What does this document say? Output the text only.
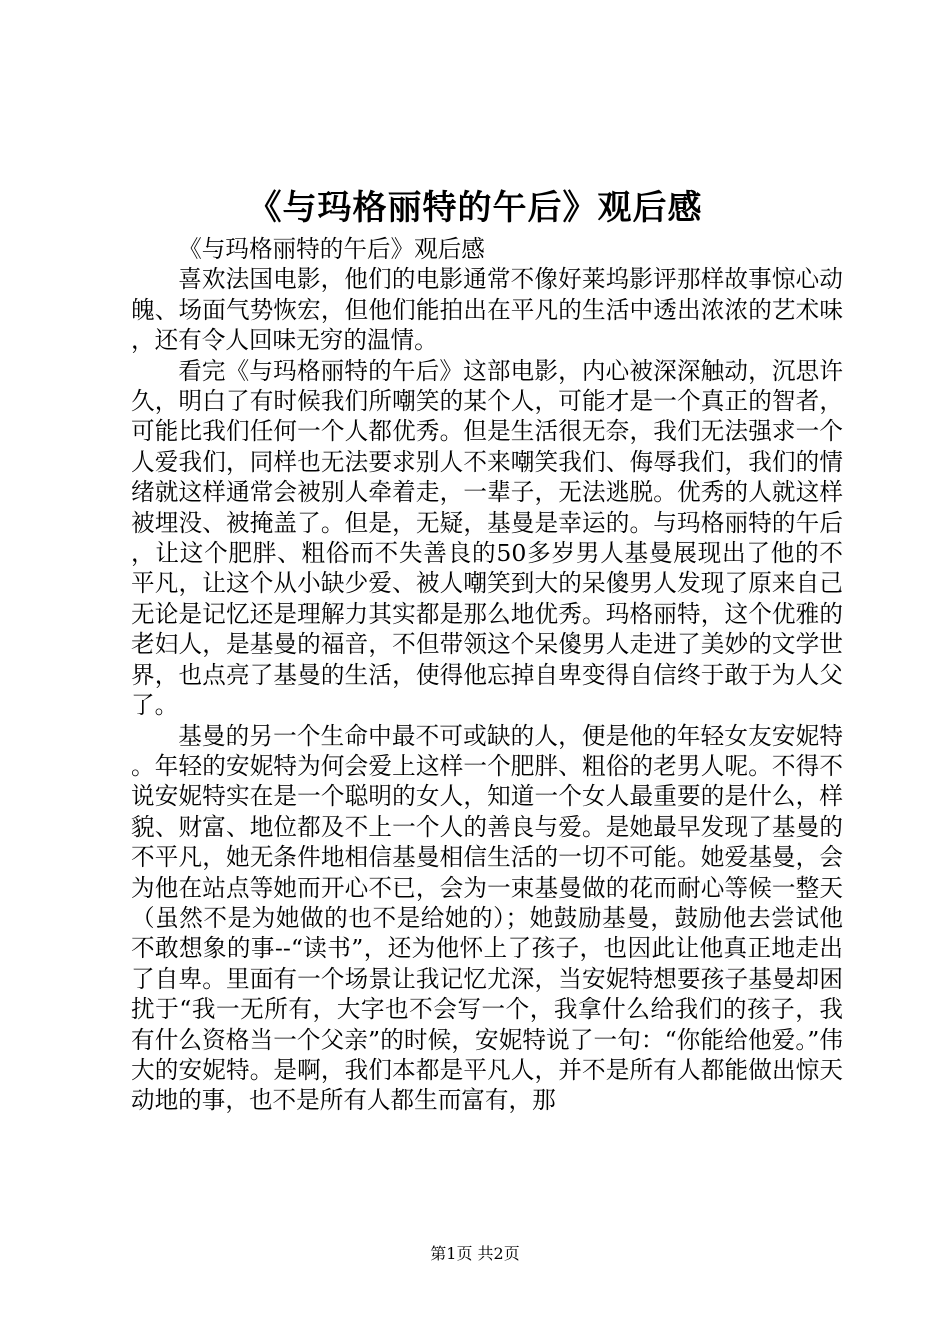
《与玛格丽特的午后》观后感

《与玛格丽特的午后》观后感

喜欢法国电影，他们的电影通常不像好莱坞影评那样故事惊心动魄、场面气势恢宏，但他们能拍出在平凡的生活中透出浓浓的艺术味，还有令人回味无穷的温情。

看完《与玛格丽特的午后》这部电影，内心被深深触动，沉思许久，明白了有时候我们所嘲笑的某个人，可能才是一个真正的智者，可能比我们任何一个人都优秀。但是生活很无奈，我们无法强求一个人爱我们，同样也无法要求别人不来嘲笑我们、侮辱我们，我们的情绪就这样通常会被别人牵着走，一辈子，无法逃脱。优秀的人就这样被埋没、被掩盖了。但是，无疑，基曼是幸运的。与玛格丽特的午后，让这个肥胖、粗俗而不失善良的50多岁男人基曼展现出了他的不平凡，让这个从小缺少爱、被人嘲笑到大的呆傻男人发现了原来自己无论是记忆还是理解力其实都是那么地优秀。玛格丽特，这个优雅的老妇人，是基曼的福音，不但带领这个呆傻男人走进了美妙的文学世界，也点亮了基曼的生活，使得他忘掉自卑变得自信终于敢于为人父了。

基曼的另一个生命中最不可或缺的人，便是他的年轻女友安妮特。年轻的安妮特为何会爱上这样一个肥胖、粗俗的老男人呢。不得不说安妮特实在是一个聪明的女人，知道一个女人最重要的是什么，样貌、财富、地位都及不上一个人的善良与爱。是她最早发现了基曼的不平凡，她无条件地相信基曼相信生活的一切不可能。她爱基曼，会为他在站点等她而开心不已，会为一束基曼做的花而耐心等候一整天（虽然不是为她做的也不是给她的）；她鼓励基曼，鼓励他去尝试他不敢想象的事--“读书”，还为他怀上了孩子，也因此让他真正地走出了自卑。里面有一个场景让我记忆尤深，当安妮特想要孩子基曼却困扰于“我一无所有，大字也不会写一个，我拿什么给我们的孩子，我有什么资格当一个父亲”的时候，安妮特说了一句：“你能给他爱。”伟大的安妮特。是啊，我们本都是平凡人，并不是所有人都能做出惊天动地的事，也不是所有人都生而富有，那

第1页 共2页
